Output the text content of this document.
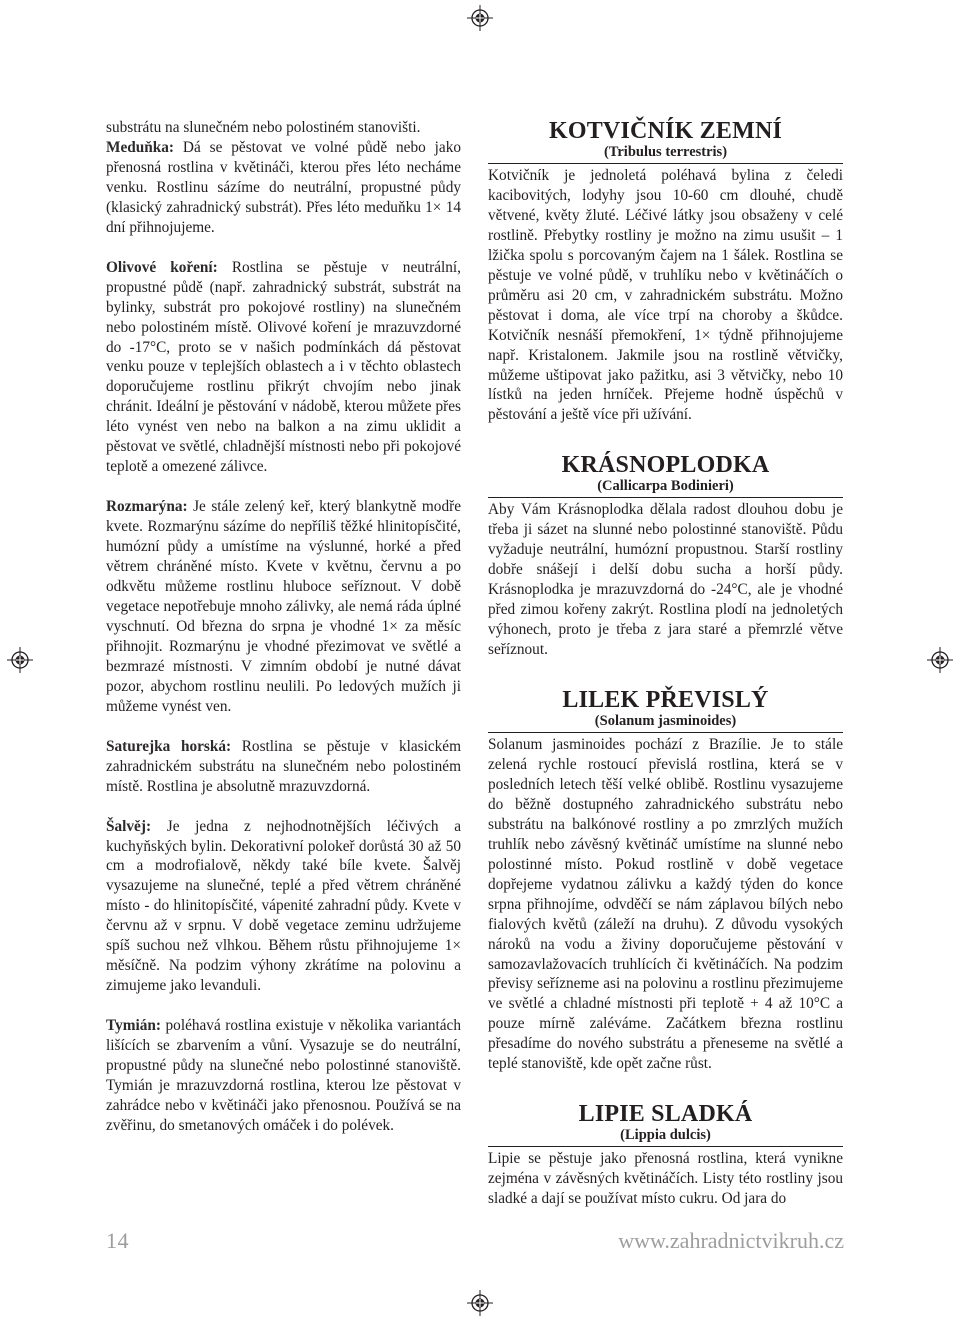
substrátu na slunečném nebo polostiném stanovišti.
Meduňka: Dá se pěstovat ve volné půdě nebo jako přenosná rostlina v květináči, kterou přes léto necháme venku. Rostlinu sázíme do neutrální, propustné půdy (klasický zahradnický substrát). Přes léto meduňku 1× 14 dní přihnojujeme.

Olivové koření: Rostlina se pěstuje v neutrální, propustné půdě (např. zahradnický substrát, substrát na bylinky, substrát pro pokojové rostliny) na slunečném nebo polostiném místě. Olivové koření je mrazuvzdorné do -17°C, proto se v našich podmínkách dá pěstovat venku pouze v teplejších oblastech a i v těchto oblastech doporučujeme rostlinu přikrýt chvojím nebo jinak chránit. Ideální je pěstování v nádobě, kterou můžete přes léto vynést ven nebo na balkon a na zimu uklidit a pěstovat ve světlé, chladnější místnosti nebo při pokojové teplotě a omezené zálivce.

Rozmarýna: Je stále zelený keř, který blankytně modře kvete. Rozmarýnu sázíme do nepříliš těžké hlinitopísčité, humózní půdy a umístíme na výslunné, horké a před větrem chráněné místo. Kvete v květnu, červnu a po odkvětu můžeme rostlinu hluboce seříznout. V době vegetace nepotřebuje mnoho zálivky, ale nemá ráda úplné vyschnutí. Od března do srpna je vhodné 1× za měsíc přihnojit. Rozmarýnu je vhodné přezimovat ve světlé a bezmrazé místnosti. V zimním období je nutné dávat pozor, abychom rostlinu neulili. Po ledových mužích ji můžeme vynést ven.

Saturejka horská: Rostlina se pěstuje v klasickém zahradnickém substrátu na slunečném nebo polostiném místě. Rostlina je absolutně mrazuvzdorná.

Šalvěj: Je jedna z nejhodnotnějších léčivých a kuchyňských bylin. Dekorativní polokeř dorůstá 30 až 50 cm a modrofialově, někdy také bíle kvete. Šalvěj vysazujeme na slunečné, teplé a před větrem chráněné místo - do hlinitopísčité, vápenité zahradní půdy. Kvete v červnu až v srpnu. V době vegetace zeminu udržujeme spíš suchou než vlhkou. Během růstu přihnojujeme 1× měsíčně. Na podzim výhony zkrátíme na polovinu a zimujeme jako levanduli.

Tymián: poléhavá rostlina existuje v několika variantách lišících se zbarvením a vůní. Vysazuje se do neutrální, propustné půdy na slunečné nebo polostinné stanoviště. Tymián je mrazuvzdorná rostlina, kterou lze pěstovat v zahrádce nebo v květináči jako přenosnou. Používá se na zvěřinu, do smetanových omáček i do polévek.

KOTVIČNÍK ZEMNÍ
(Tribulus terrestris)

Kotvičník je jednoletá poléhavá bylina z čeledi kacibovitých, lodyhy jsou 10-60 cm dlouhé, chudě větvené, květy žluté. Léčivé látky jsou obsaženy v celé rostlině. Přebytky rostliny je možno na zimu usušit – 1 lžička spolu s porcovaným čajem na 1 šálek. Rostlina se pěstuje ve volné půdě, v truhlíku nebo v květináčích o průměru asi 20 cm, v zahradnickém substrátu. Možno pěstovat i doma, ale více trpí na choroby a škůdce. Kotvičník nesnáší přemokření, 1× týdně přihnojujeme např. Kristalonem. Jakmile jsou na rostlině větvičky, můžeme uštipovat jako pažitku, asi 3 větvičky, nebo 10 lístků na jeden hrníček. Přejeme hodně úspěchů v pěstování a ještě více při užívání.

KRÁSNOPLODKA
(Callicarpa Bodinieri)

Aby Vám Krásnoplodka dělala radost dlouhou dobu je třeba ji sázet na slunné nebo polostinné stanoviště. Půdu vyžaduje neutrální, humózní propustnou. Starší rostliny dobře snášejí i delší dobu sucha a horší půdy. Krásnoplodka je mrazuvzdorná do -24°C, ale je vhodné před zimou kořeny zakrýt. Rostlina plodí na jednoletých výhonech, proto je třeba z jara staré a přemrzlé větve seříznout.

LILEK PŘEVISLÝ
(Solanum jasminoides)

Solanum jasminoides pochází z Brazílie. Je to stále zelená rychle rostoucí převislá rostlina, která se v posledních letech těší velké oblibě. Rostlinu vysazujeme do běžně dostupného zahradnického substrátu nebo substrátu na balkónové rostliny a po zmrzlých mužích truhlík nebo závěsný květináč umístíme na slunné nebo polostinné místo. Pokud rostlině v době vegetace dopřejeme vydatnou zálivku a každý týden do konce srpna přihnojíme, odvděčí se nám záplavou bílých nebo fialových květů (záleží na druhu). Z důvodu vysokých nároků na vodu a živiny doporučujeme pěstování v samozavlažovacích truhlících či květináčích. Na podzim převisy seřízneme asi na polovinu a rostlinu přezimujeme ve světlé a chladné místnosti při teplotě + 4 až 10°C a pouze mírně zaléváme. Začátkem března rostlinu přesadíme do nového substrátu a přeneseme na světlé a teplé stanoviště, kde opět začne růst.

LIPIE SLADKÁ
(Lippia dulcis)

Lipie se pěstuje jako přenosná rostlina, která vynikne zejména v závěsných květináčích. Listy této rostliny jsou sladké a dají se používat místo cukru. Od jara do

14	www.zahradnictvikruh.cz
